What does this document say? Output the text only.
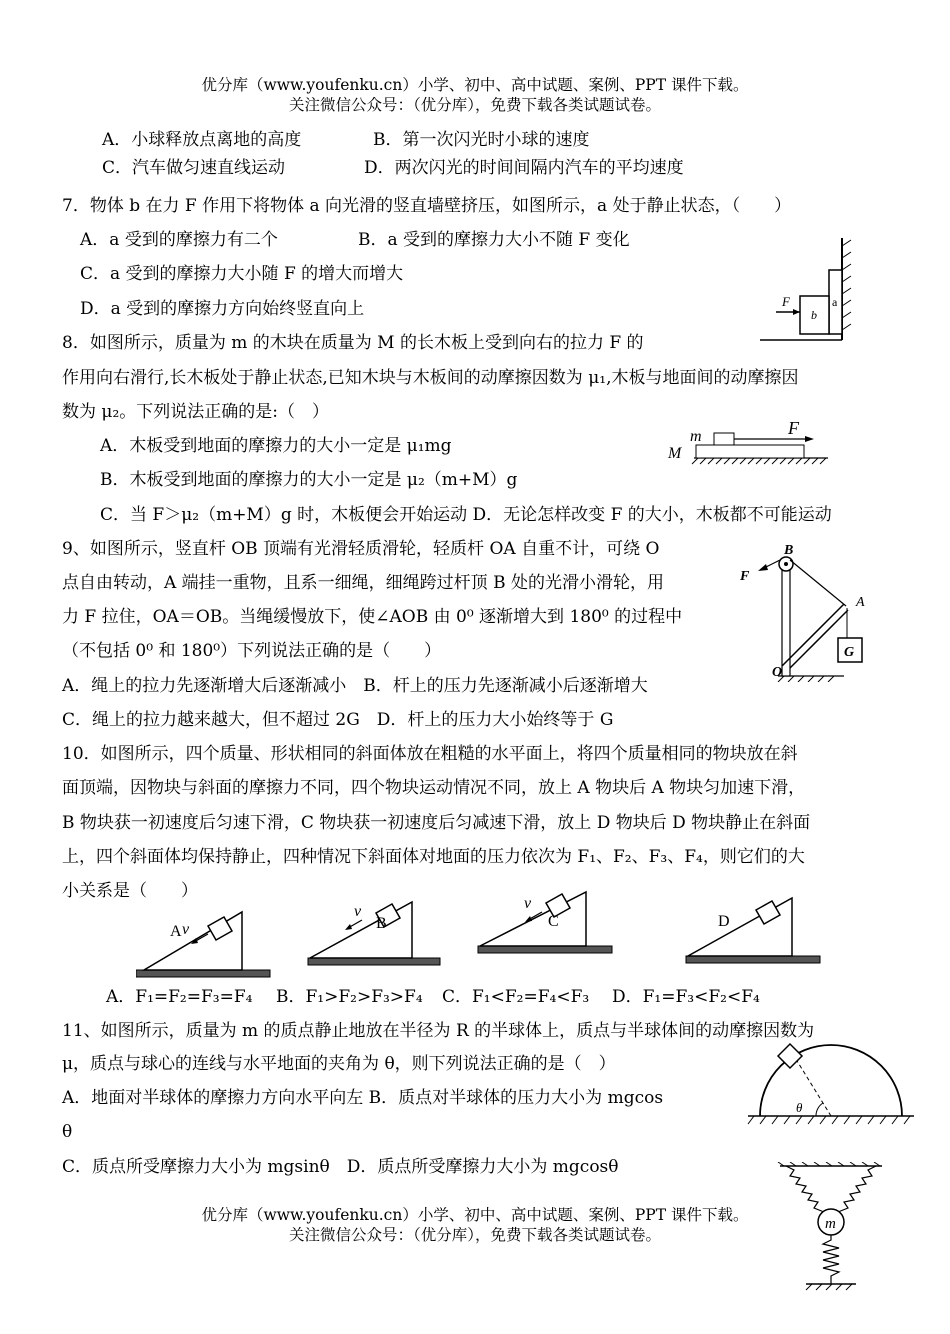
优分库（www.youfenku.cn）小学、初中、高中试题、案例、PPT 课件下载。
关注微信公众号：（优分库），免费下载各类试题试卷。
A．小球释放点离地的高度	B．第一次闪光时小球的速度
C．汽车做匀速直线运动	D．两次闪光的时间间隔内汽车的平均速度
7．物体 b 在力 F 作用下将物体 a 向光滑的竖直墙壁挤压，如图所示，a 处于静止状态，（　　）
A．a 受到的摩擦力有二个	B．a 受到的摩擦力大小不随 F 变化
C．a 受到的摩擦力大小随 F 的增大而增大
D．a 受到的摩擦力方向始终竖直向上	F
b
a
8．如图所示，质量为 m 的木块在质量为 M 的长木板上受到向右的拉力 F 的
作用向右滑行,长木板处于静止状态,已知木块与木板间的动摩擦因数为 μ₁,木板与地面间的动摩擦因
数为 μ₂。下列说法正确的是:（　）
A．木板受到地面的摩擦力的大小一定是 μ₁mg
B．木板受到地面的摩擦力的大小一定是 μ₂（m+M）g
C．当 F＞μ₂（m+M）g 时，木板便会开始运动 D．无论怎样改变 F 的大小，木板都不可能运动
m
M
F
9、如图所示，竖直杆 OB 顶端有光滑轻质滑轮，轻质杆 OA 自重不计，可绕 O
点自由转动，A 端挂一重物，且系一细绳，细绳跨过杆顶 B 处的光滑小滑轮，用
力 F 拉住，OA＝OB。当绳缓慢放下，使∠AOB 由 0⁰ 逐渐增大到 180⁰ 的过程中
（不包括 0⁰ 和 180⁰）下列说法正确的是（　　）
A．绳上的拉力先逐渐增大后逐渐减小　B．杆上的压力先逐渐减小后逐渐增大
C．绳上的拉力越来越大，但不超过 2G　D．杆上的压力大小始终等于 G
B
F
A
O
G
10．如图所示，四个质量、形状相同的斜面体放在粗糙的水平面上，将四个质量相同的物块放在斜
面顶端，因物块与斜面的摩擦力不同，四个物块运动情况不同，放上 A 物块后 A 物块匀加速下滑，
B 物块获一初速度后匀速下滑，C 物块获一初速度后匀减速下滑，放上 D 物块后 D 物块静止在斜面
上，四个斜面体均保持静止，四种情况下斜面体对地面的压力依次为 F₁、F₂、F₃、F₄，则它们的大
小关系是（　　）
A v
v
B
v
C	D
A．F₁=F₂=F₃=F₄ B．F₁>F₂>F₃>F₄ C．F₁<F₂=F₄<F₃ D．F₁=F₃<F₂<F₄
11、如图所示，质量为 m 的质点静止地放在半径为 R 的半球体上，质点与半球体间的动摩擦因数为
μ，质点与球心的连线与水平地面的夹角为 θ，则下列说法正确的是（　）
A．地面对半球体的摩擦力方向水平向左 B．质点对半球体的压力大小为 mgcos
θ
C．质点所受摩擦力大小为 mgsinθ　D．质点所受摩擦力大小为 mgcosθ
θ
m
优分库（www.youfenku.cn）小学、初中、高中试题、案例、PPT 课件下载。
关注微信公众号：（优分库），免费下载各类试题试卷。
